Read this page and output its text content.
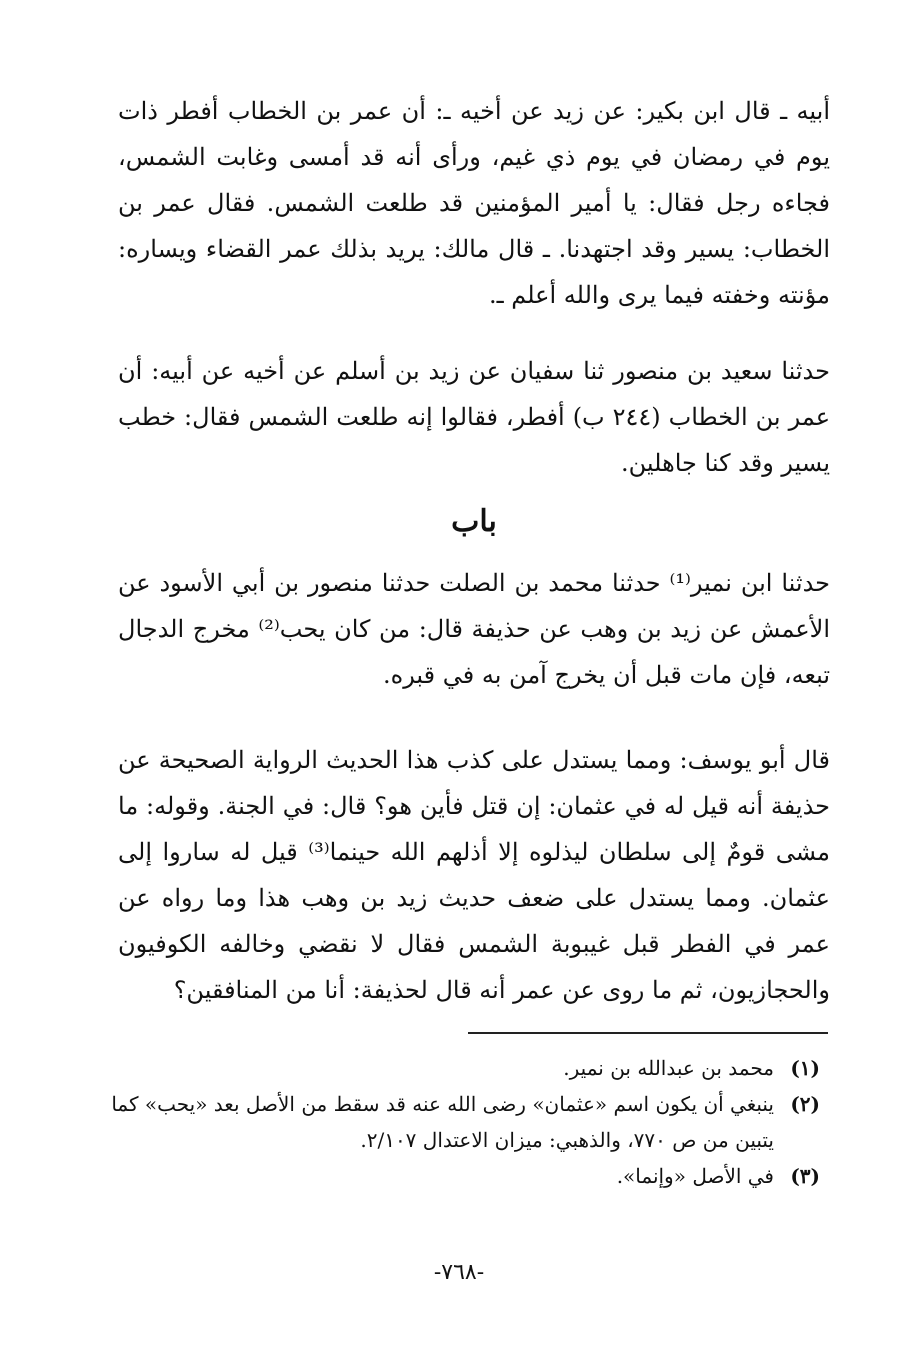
أبيه ـ قال ابن بكير: عن زيد عن أخيه ـ: أن عمر بن الخطاب أفطر ذات يوم في رمضان في يوم ذي غيم، ورأى أنه قد أمسى وغابت الشمس، فجاءه رجل فقال: يا أمير المؤمنين قد طلعت الشمس. فقال عمر بن الخطاب: يسير وقد اجتهدنا. ـ قال مالك: يريد بذلك عمر القضاء ويساره: مؤنته وخفته فيما يرى والله أعلم ـ.

حدثنا سعيد بن منصور ثنا سفيان عن زيد بن أسلم عن أخيه عن أبيه: أن عمر بن الخطاب (٢٤٤ ب) أفطر، فقالوا إنه طلعت الشمس فقال: خطب يسير وقد كنا جاهلين.

باب

حدثنا ابن نمير⁽¹⁾ حدثنا محمد بن الصلت حدثنا منصور بن أبي الأسود عن الأعمش عن زيد بن وهب عن حذيفة قال: من كان يحب⁽²⁾ مخرج الدجال تبعه، فإن مات قبل أن يخرج آمن به في قبره.

قال أبو يوسف: ومما يستدل على كذب هذا الحديث الرواية الصحيحة عن حذيفة أنه قيل له في عثمان: إن قتل فأين هو؟ قال: في الجنة. وقوله: ما مشى قومٌ إلى سلطان ليذلوه إلا أذلهم الله حينما⁽³⁾ قيل له ساروا إلى عثمان. ومما يستدل على ضعف حديث زيد بن وهب هذا وما رواه عن عمر في الفطر قبل غيبوبة الشمس فقال لا نقضي وخالفه الكوفيون والحجازيون، ثم ما روى عن عمر أنه قال لحذيفة: أنا من المنافقين؟

(١)
محمد بن عبدالله بن نمير.
(٢)
ينبغي أن يكون اسم «عثمان» رضى الله عنه قد سقط من الأصل بعد «يحب» كما يتبين من ص ٧٧٠، والذهبي: ميزان الاعتدال ٢/١٠٧.
(٣)
في الأصل «وإنما».
-٧٦٨-
